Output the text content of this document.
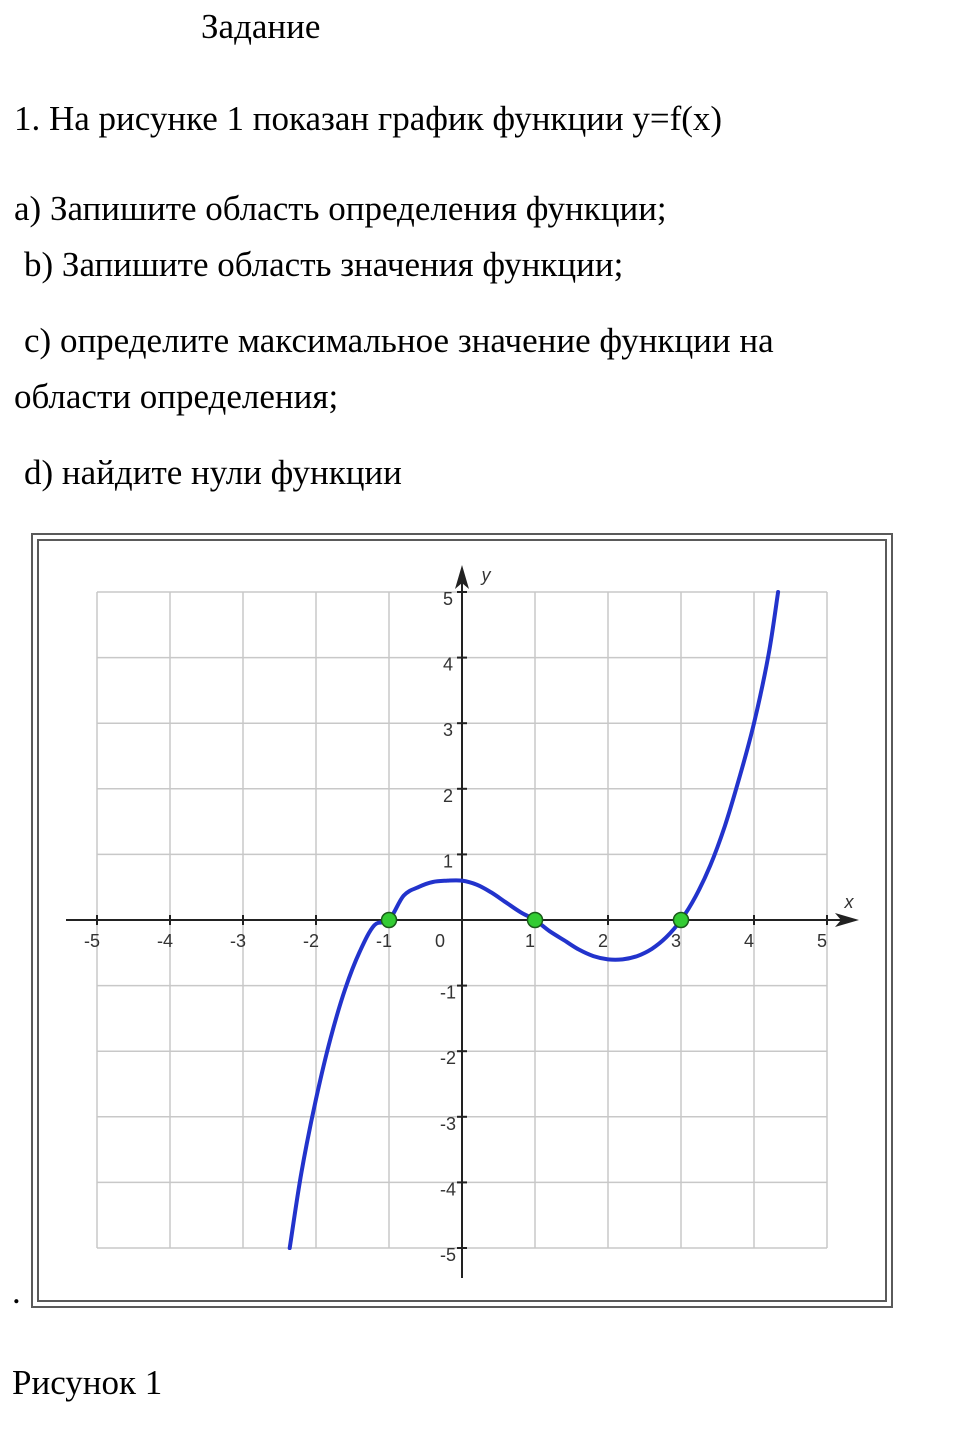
Задание
1. На рисунке 1 показан график функции y=f(x)
a) Запишите область определения функции;
b) Запишите область значения функции;
c) определите максимальное значение функции на
области определения;
d) найдите нули функции
.
-5	-4	-3	-2	-1	1	2	3	4	5
5
4
3
2
1
-1
-2
-3
-4
-5
0
x
y
Рисунок 1
